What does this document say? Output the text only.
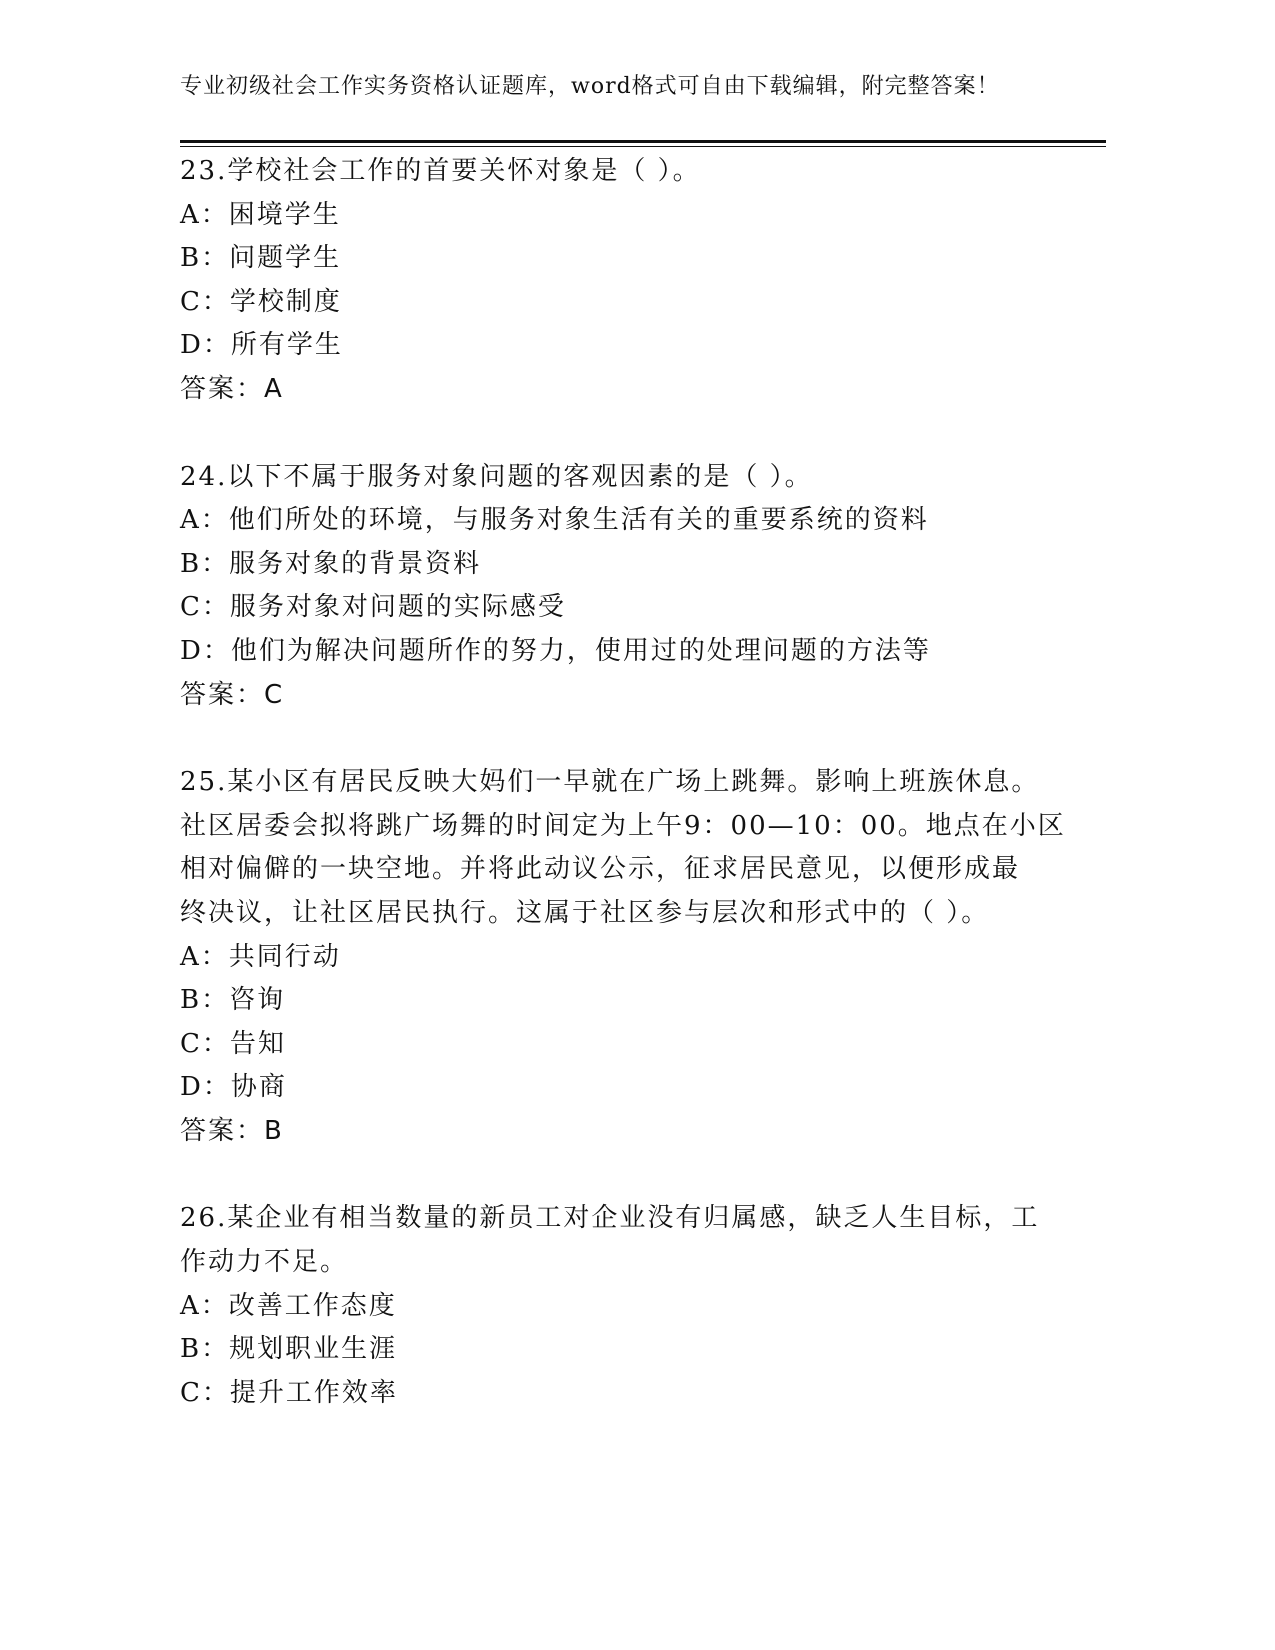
专业初级社会工作实务资格认证题库，word格式可自由下载编辑，附完整答案！
23.学校社会工作的首要关怀对象是（ ）。
A：困境学生
B：问题学生
C：学校制度
D：所有学生
答案：A
24.以下不属于服务对象问题的客观因素的是（ ）。
A：他们所处的环境，与服务对象生活有关的重要系统的资料
B：服务对象的背景资料
C：服务对象对问题的实际感受
D：他们为解决问题所作的努力，使用过的处理问题的方法等
答案：C
25.某小区有居民反映大妈们一早就在广场上跳舞。影响上班族休息。
社区居委会拟将跳广场舞的时间定为上午9：00—10：00。地点在小区
相对偏僻的一块空地。并将此动议公示，征求居民意见，以便形成最
终决议，让社区居民执行。这属于社区参与层次和形式中的（ ）。
A：共同行动
B：咨询
C：告知
D：协商
答案：B
26.某企业有相当数量的新员工对企业没有归属感，缺乏人生目标，工
作动力不足。
A：改善工作态度
B：规划职业生涯
C：提升工作效率
